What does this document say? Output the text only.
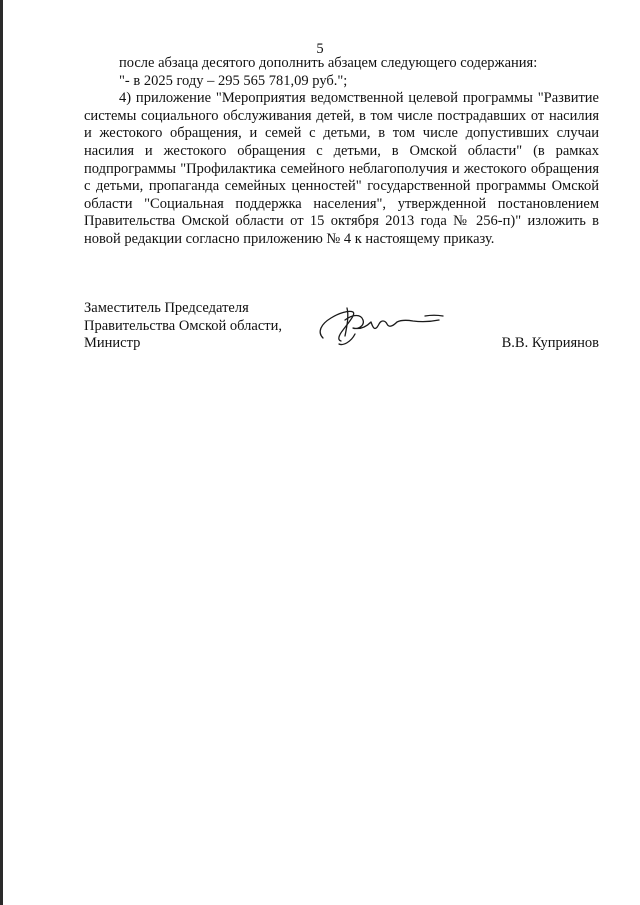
5

после абзаца десятого дополнить абзацем следующего содержания:

"- в 2025 году – 295 565 781,09 руб.";

4) приложение "Мероприятия ведомственной целевой программы "Развитие системы социального обслуживания детей, в том числе пострадавших от насилия и жестокого обращения, и семей с детьми, в том числе допустивших случаи насилия и жестокого обращения с детьми, в Омской области" (в рамках подпрограммы "Профилактика семейного неблагополучия и жестокого обращения с детьми, пропаганда семейных ценностей" государственной программы Омской области "Социальная поддержка населения", утвержденной постановлением Правительства Омской области от 15 октября 2013 года № 256-п)" изложить в новой редакции согласно приложению № 4 к настоящему приказу.

Заместитель Председателя
Правительства Омской области,
Министр	В.В. Куприянов
